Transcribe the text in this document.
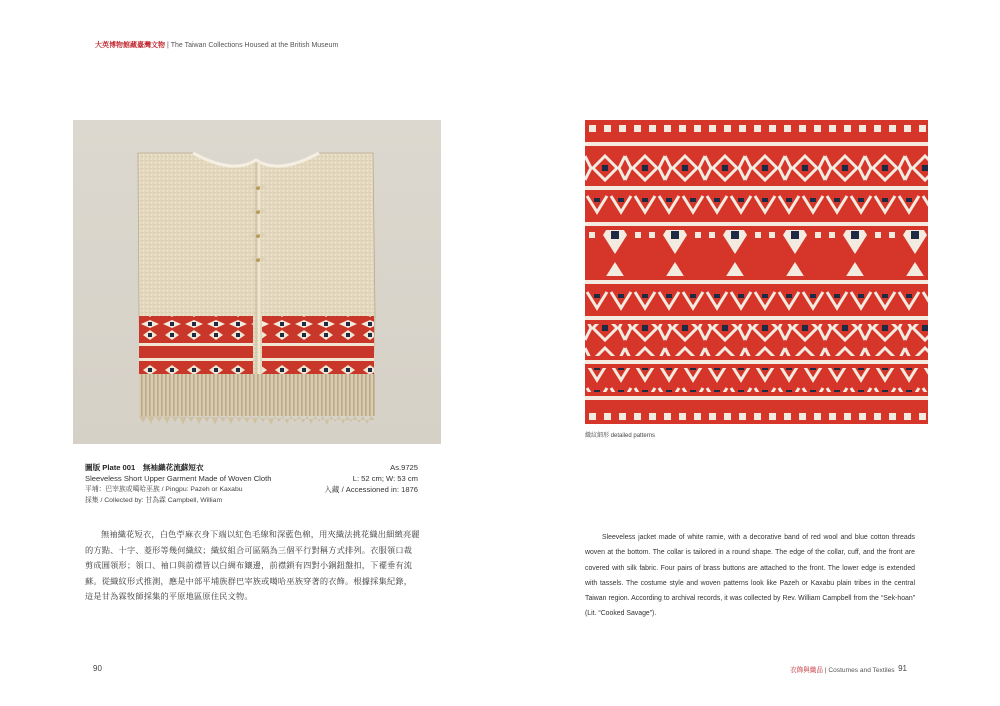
大英博物館藏臺灣文物 | The Taiwan Collections Housed at the British Museum
織紋細形 detailed patterns
圖版 Plate 001　無袖織花流蘇短衣
Sleeveless Short Upper Garment Made of Woven Cloth
平埔：巴宰族或噶哈巫族 / Pingpu: Pazeh or Kaxabu
採集 / Collected by: 甘為霖 Campbell, William
As.9725
L: 52 cm; W: 53 cm
入藏 / Accessioned in: 1876

無袖織花短衣，白色苧麻衣身下端以紅色毛線和深藍色棉，用夾織法挑花織出細緻亮麗的方點、十字、菱形等幾何織紋；織紋組合可區隔為三個平行對稱方式排列。衣服領口裁剪成圓領形；領口、袖口與前襟皆以白綢布鑲邊，前襟鎖有四對小銅鈕盤扣，下襬垂有流蘇。從織紋形式推測，應是中部平埔族群巴宰族或噶哈巫族穿著的衣飾。根據採集紀錄，這是甘為霖牧師採集的平原地區原住民文物。

Sleeveless jacket made of white ramie, with a decorative band of red wool and blue cotton threads woven at the bottom. The collar is tailored in a round shape. The edge of the collar, cuff, and the front are covered with silk fabric. Four pairs of brass buttons are attached to the front. The lower edge is extended with tassels. The costume style and woven patterns look like Pazeh or Kaxabu plain tribes in the central Taiwan region. According to archival records, it was collected by Rev. William Campbell from the “Sek-hoan” (Lit. “Cooked Savage”).

90	衣飾與織品 | Costumes and Textiles 91
